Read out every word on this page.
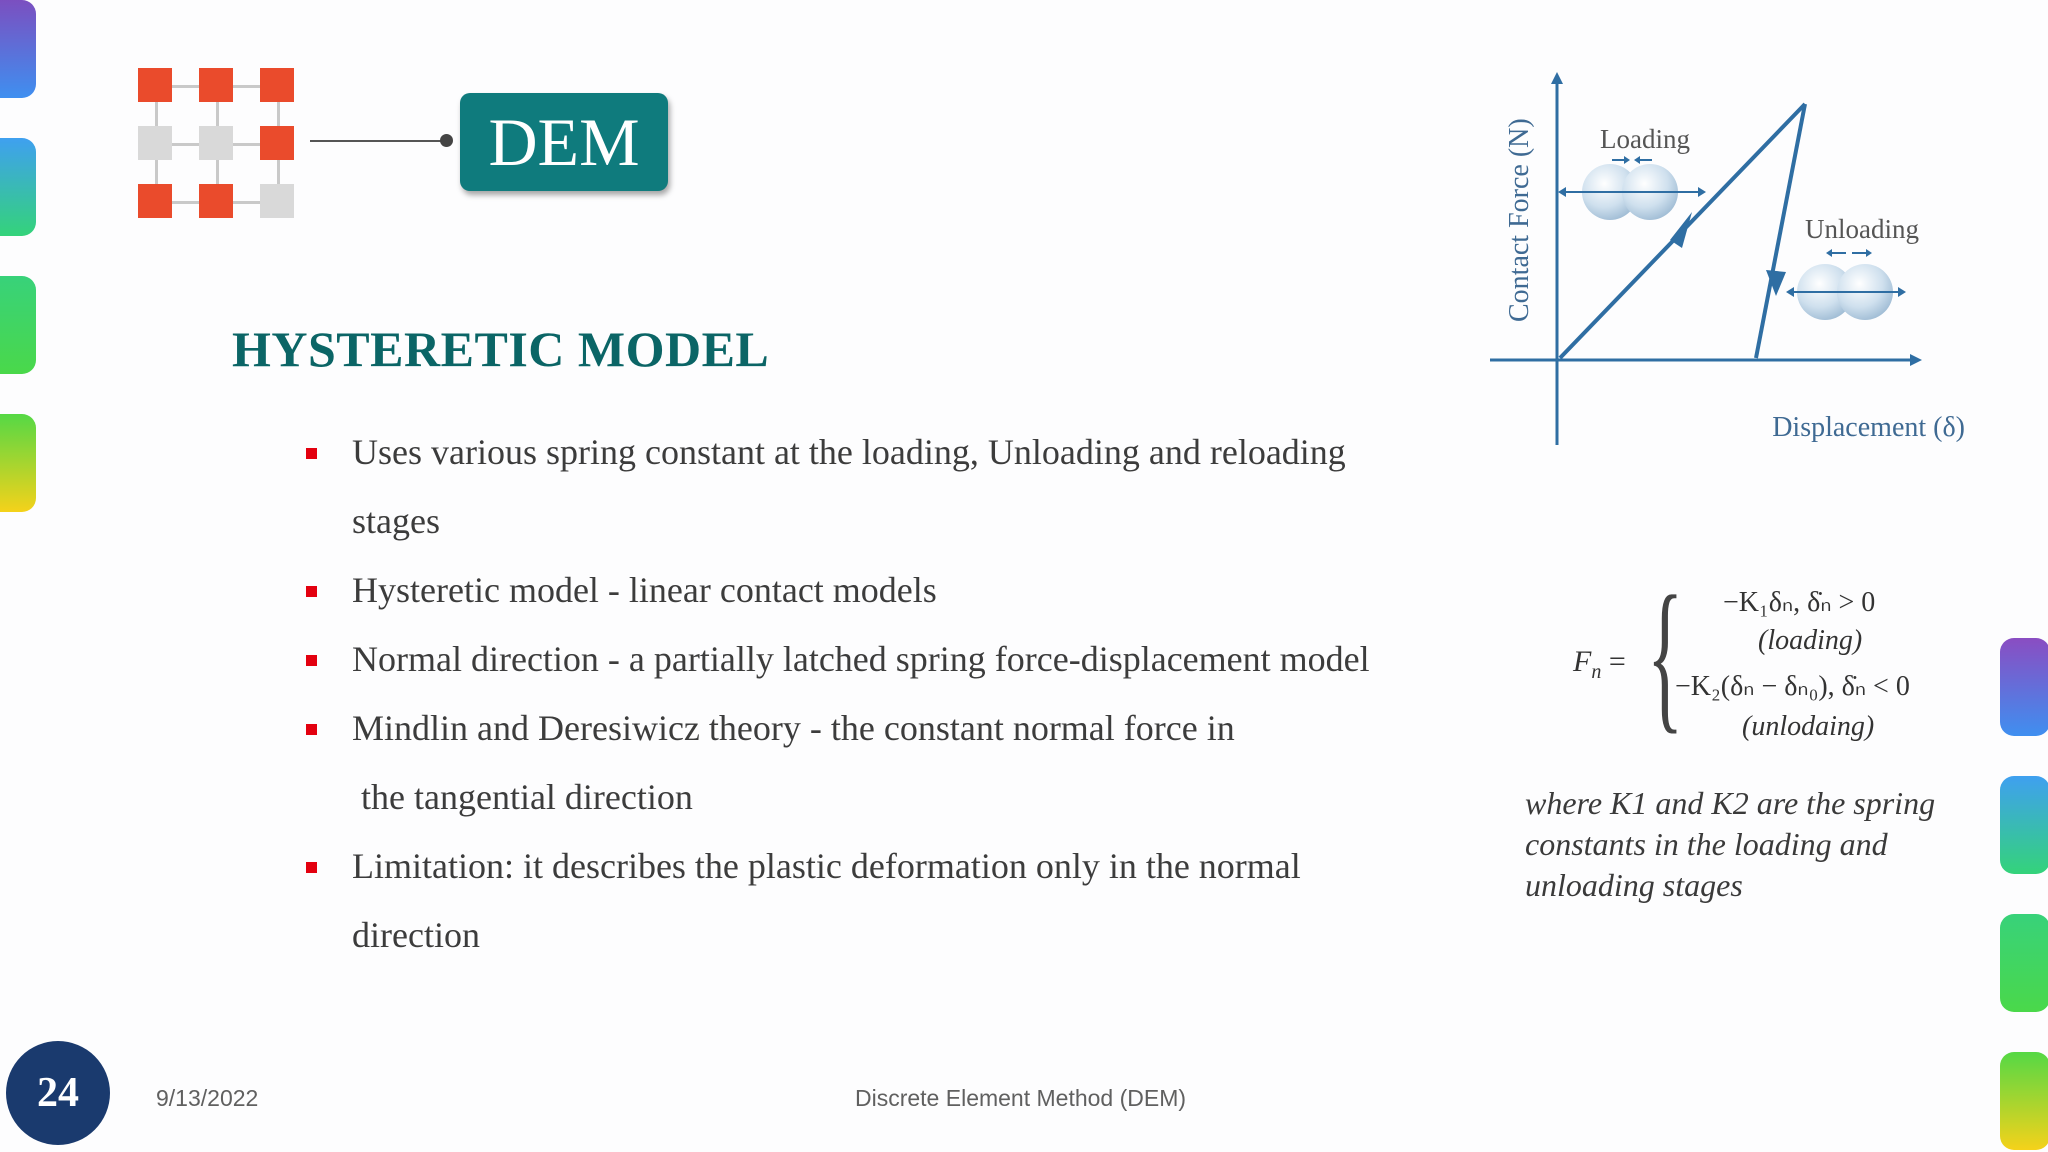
DEM
HYSTERETIC MODEL
Uses various spring constant at the loading, Unloading and reloading
stages
Hysteretic model - linear contact models
Normal direction - a partially latched spring force-displacement model
Mindlin and Deresiwicz theory - the constant normal force in
the tangential direction
Limitation: it describes the plastic deformation only in the normal
direction
Loading
Unloading
Contact Force (N)
Displacement (δ)
$F_n$ = { −K₁δₙ, δ̇ₙ > 0
(loading)
−K₂(δₙ − δₙ₀), δ̇ₙ < 0
(unlodaing)
where K1 and K2 are the spring constants in the loading and unloading stages
24	9/13/2022	Discrete Element Method (DEM)
